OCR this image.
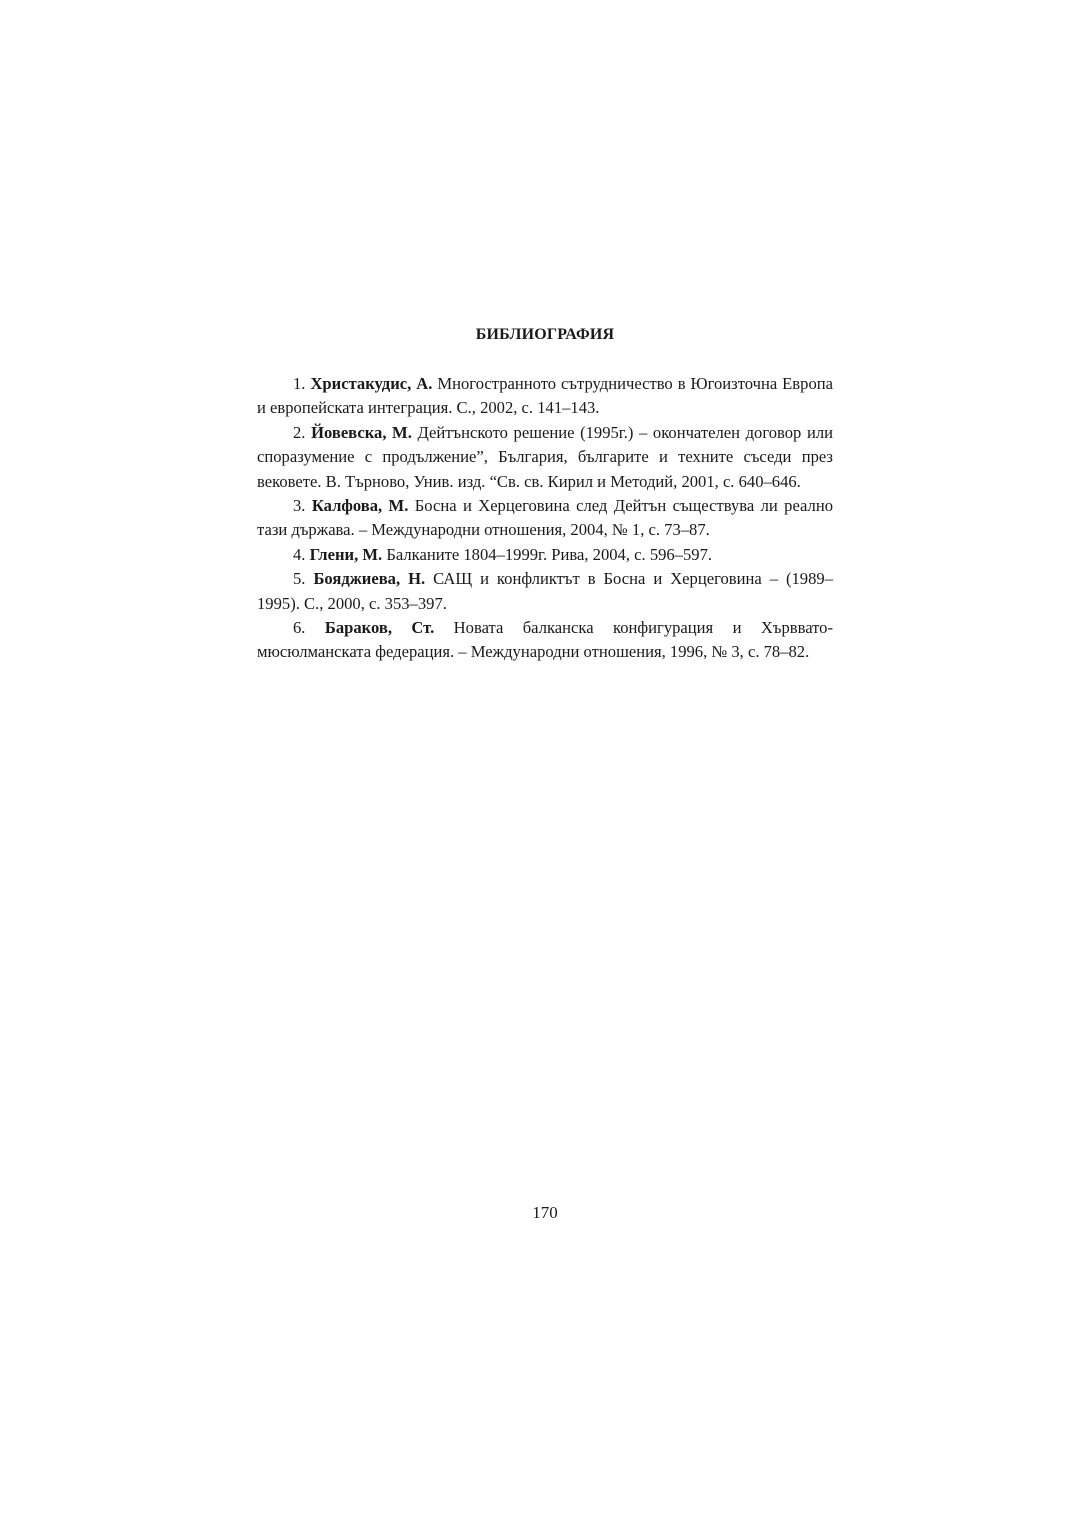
БИБЛИОГРАФИЯ

1. Христакудис, А. Многостранното сътрудничество в Югоизточна Европа и европейската интеграция. С., 2002, с. 141–143.

2. Йовевска, М. Дейтънското решение (1995г.) – окончателен договор или споразумение с продължение”, България, българите и техните съседи през вековете. В. Търново, Унив. изд. “Св. св. Кирил и Методий, 2001, с. 640–646.

3. Калфова, М. Босна и Херцеговина след Дейтън съществува ли реално тази държава. – Международни отношения, 2004, № 1, с. 73–87.

4. Глени, М. Балканите 1804–1999г. Рива, 2004, с. 596–597.

5. Бояджиева, Н. САЩ и конфликтът в Босна и Херцеговина – (1989–1995). С., 2000, с. 353–397.

6. Бараков, Ст. Новата балканска конфигурация и Хърввато-мюсюлманската федерация. – Международни отношения, 1996, № 3, с. 78–82.

170
